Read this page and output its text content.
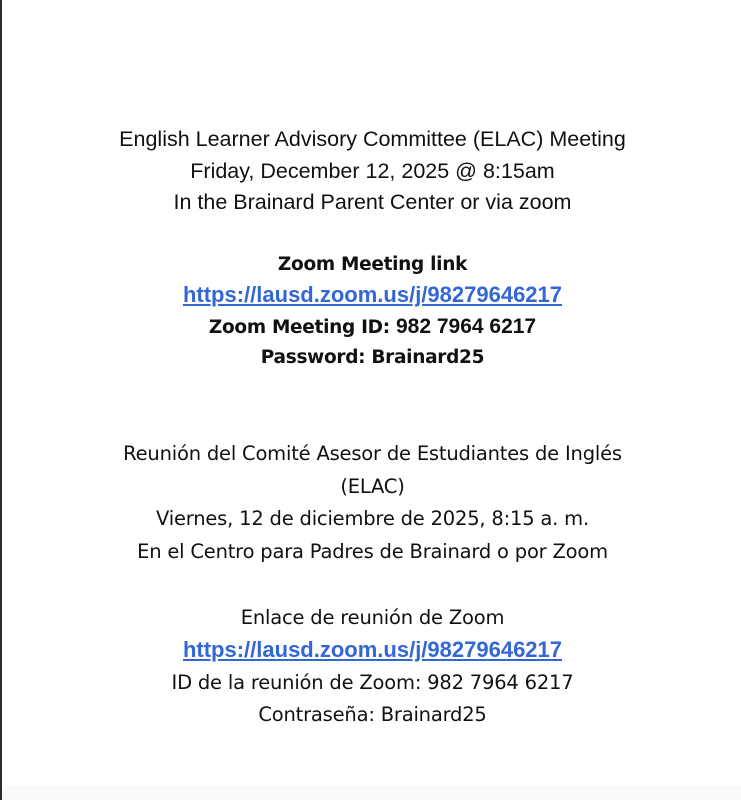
English Learner Advisory Committee (ELAC) Meeting
Friday, December 12, 2025 @ 8:15am
In the Brainard Parent Center or via zoom
Zoom Meeting link
https://lausd.zoom.us/j/98279646217
Zoom Meeting ID: 982 7964 6217
Password: Brainard25
Reunión del Comité Asesor de Estudiantes de Inglés
(ELAC)
Viernes, 12 de diciembre de 2025, 8:15 a. m.
En el Centro para Padres de Brainard o por Zoom
Enlace de reunión de Zoom
https://lausd.zoom.us/j/98279646217
ID de la reunión de Zoom: 982 7964 6217
Contraseña: Brainard25
